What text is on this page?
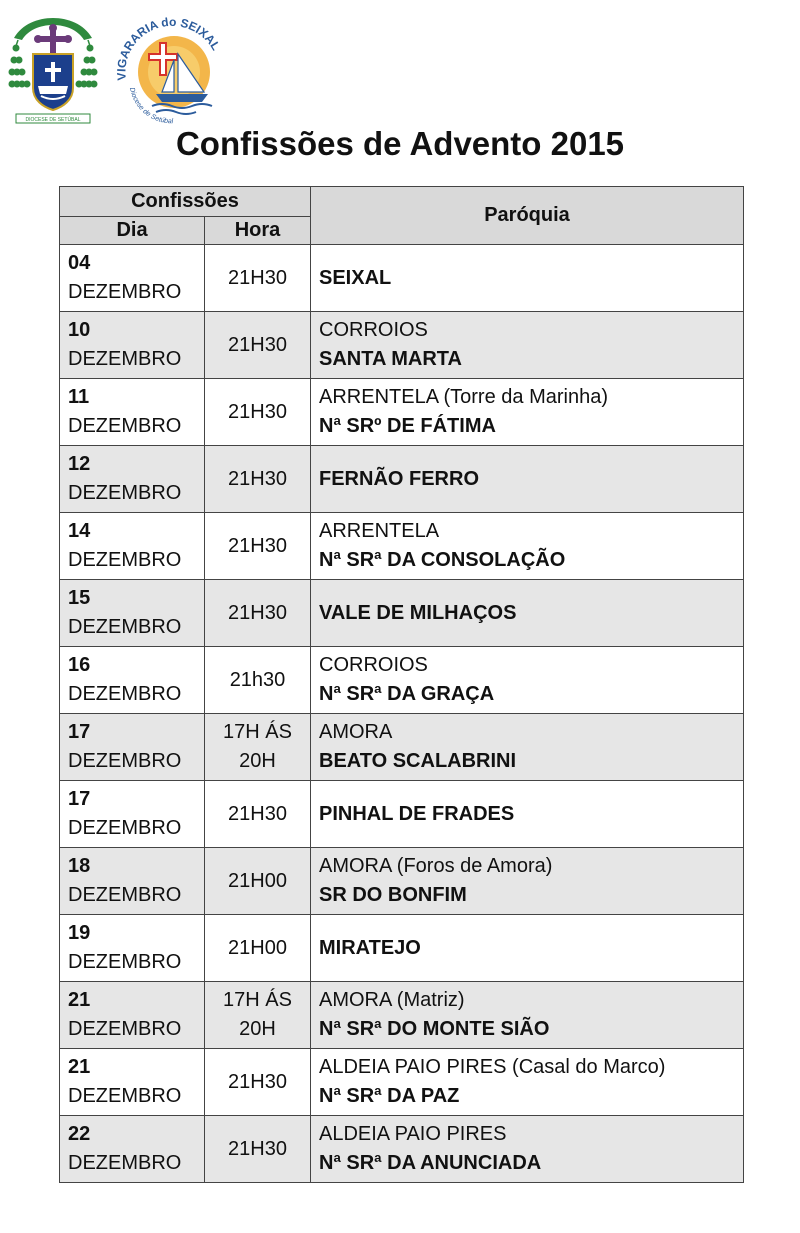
DIOCESE DE SETÚBAL
VIGARARIA do SEIXAL
Diocese de Setúbal
Confissões de Advento 2015
Confissões		Paróquia
Dia	Hora	

04
DEZEMBRO	21H30	SEIXAL

10
DEZEMBRO	21H30	CORROIOS
SANTA MARTA

11
DEZEMBRO	21H30	ARRENTELA (Torre da Marinha)
Nª SRº DE FÁTIMA

12
DEZEMBRO	21H30	FERNÃO FERRO

14
DEZEMBRO	21H30	ARRENTELA
Nª SRª DA CONSOLAÇÃO

15
DEZEMBRO	21H30	VALE DE MILHAÇOS

16
DEZEMBRO	21h30	CORROIOS
Nª SRª DA GRAÇA

17
DEZEMBRO	17H ÁS 20H	AMORA
BEATO SCALABRINI

17
DEZEMBRO	21H30	PINHAL DE FRADES

18
DEZEMBRO	21H00	AMORA (Foros de Amora)
SR DO BONFIM

19
DEZEMBRO	21H00	MIRATEJO

21
DEZEMBRO	17H ÁS 20H	AMORA (Matriz)
Nª SRª DO MONTE SIÃO

21
DEZEMBRO	21H30	ALDEIA PAIO PIRES (Casal do Marco)
Nª SRª DA PAZ

22
DEZEMBRO	21H30	ALDEIA PAIO PIRES
Nª SRª DA ANUNCIADA
